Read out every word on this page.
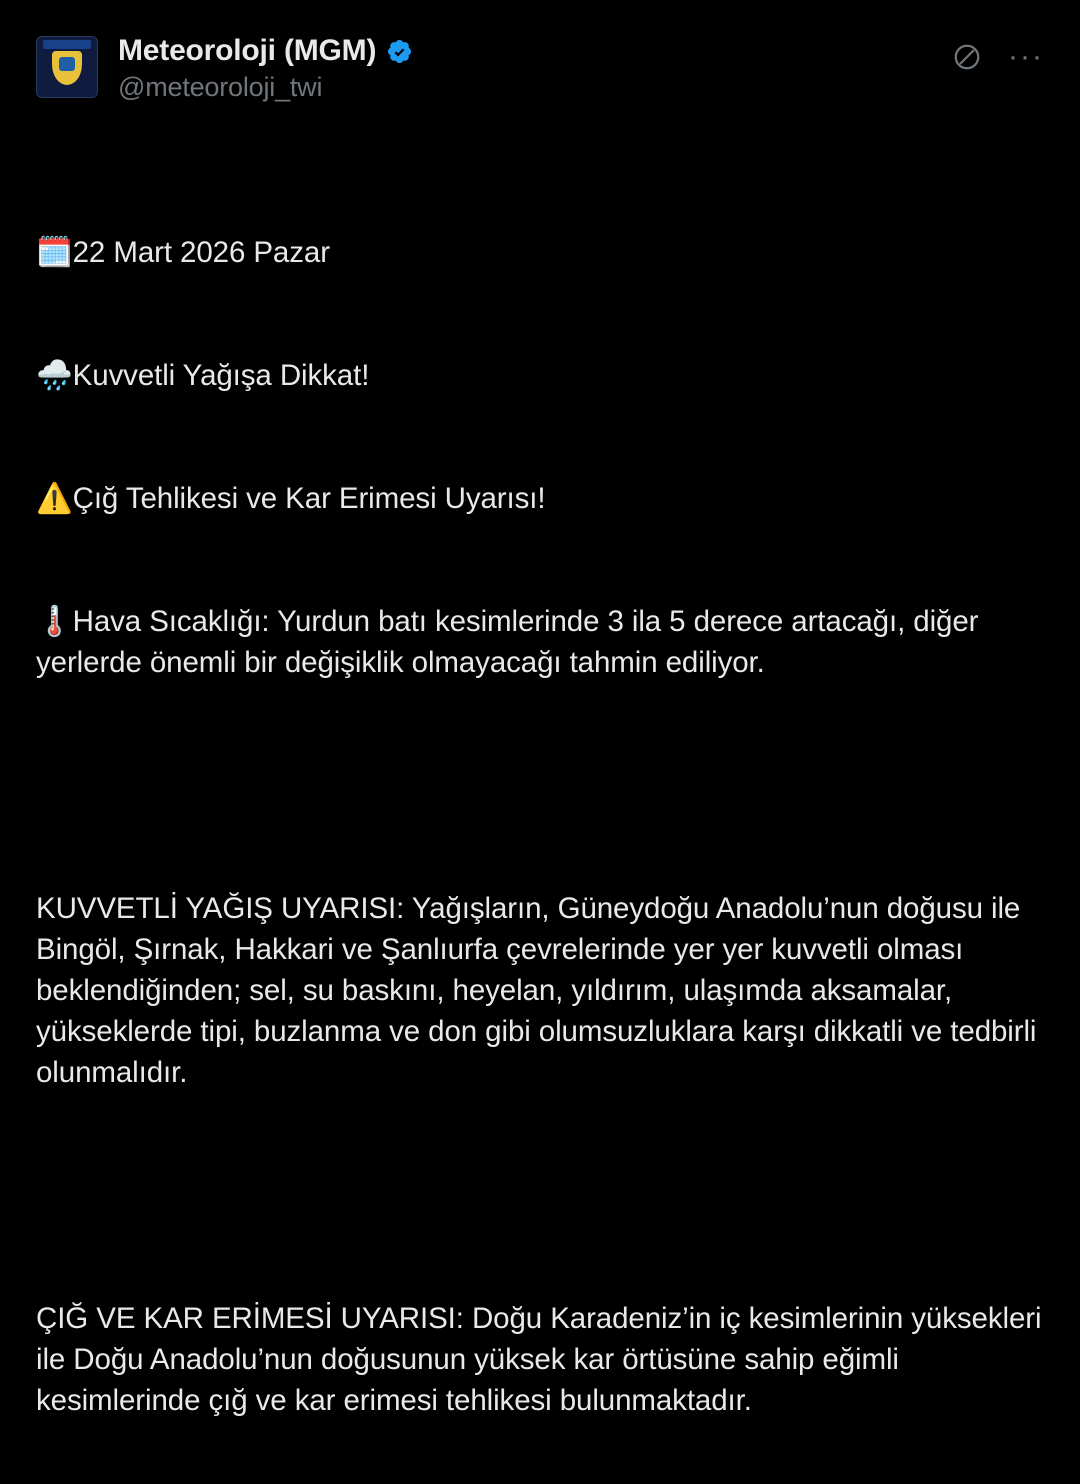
Meteoroloji (MGM)
@meteoroloji_twi
···

🗓️22 Mart 2026 Pazar

🌧️Kuvvetli Yağışa Dikkat!

⚠️Çığ Tehlikesi ve Kar Erimesi Uyarısı!

🌡️Hava Sıcaklığı: Yurdun batı kesimlerinde 3 ila 5 derece artacağı, diğer yerlerde önemli bir değişiklik olmayacağı tahmin ediliyor.

KUVVETLİ YAĞIŞ UYARISI: Yağışların, Güneydoğu Anadolu’nun doğusu ile Bingöl, Şırnak, Hakkari ve Şanlıurfa çevrelerinde yer yer kuvvetli olması beklendiğinden; sel, su baskını, heyelan, yıldırım, ulaşımda aksamalar, yükseklerde tipi, buzlanma ve don gibi olumsuzluklara karşı dikkatli ve tedbirli olunmalıdır.

ÇIĞ VE KAR ERİMESİ UYARISI: Doğu Karadeniz’in iç kesimlerinin yüksekleri ile Doğu Anadolu’nun doğusunun yüksek kar örtüsüne sahip eğimli kesimlerinde çığ ve kar erimesi tehlikesi bulunmaktadır.
